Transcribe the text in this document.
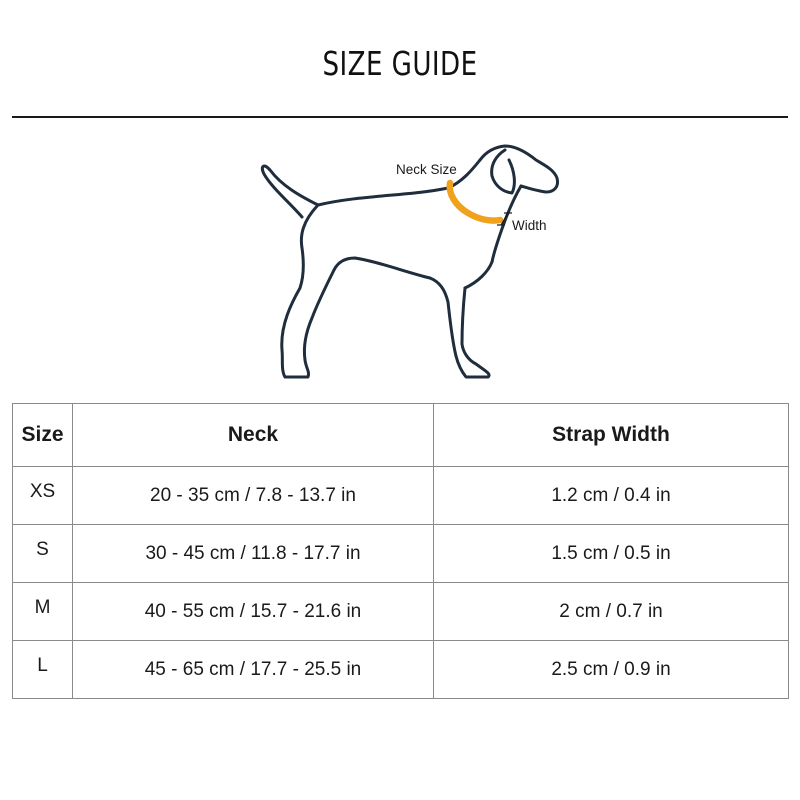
SIZE GUIDE
Neck Size
Width
Size	Neck	Strap Width
XS	20 - 35 cm / 7.8 - 13.7 in	1.2 cm / 0.4 in
S	30 - 45 cm / 11.8 - 17.7 in	1.5 cm / 0.5 in
M	40 - 55 cm / 15.7 - 21.6 in	2 cm / 0.7 in
L	45 - 65 cm / 17.7 - 25.5 in	2.5 cm / 0.9 in
